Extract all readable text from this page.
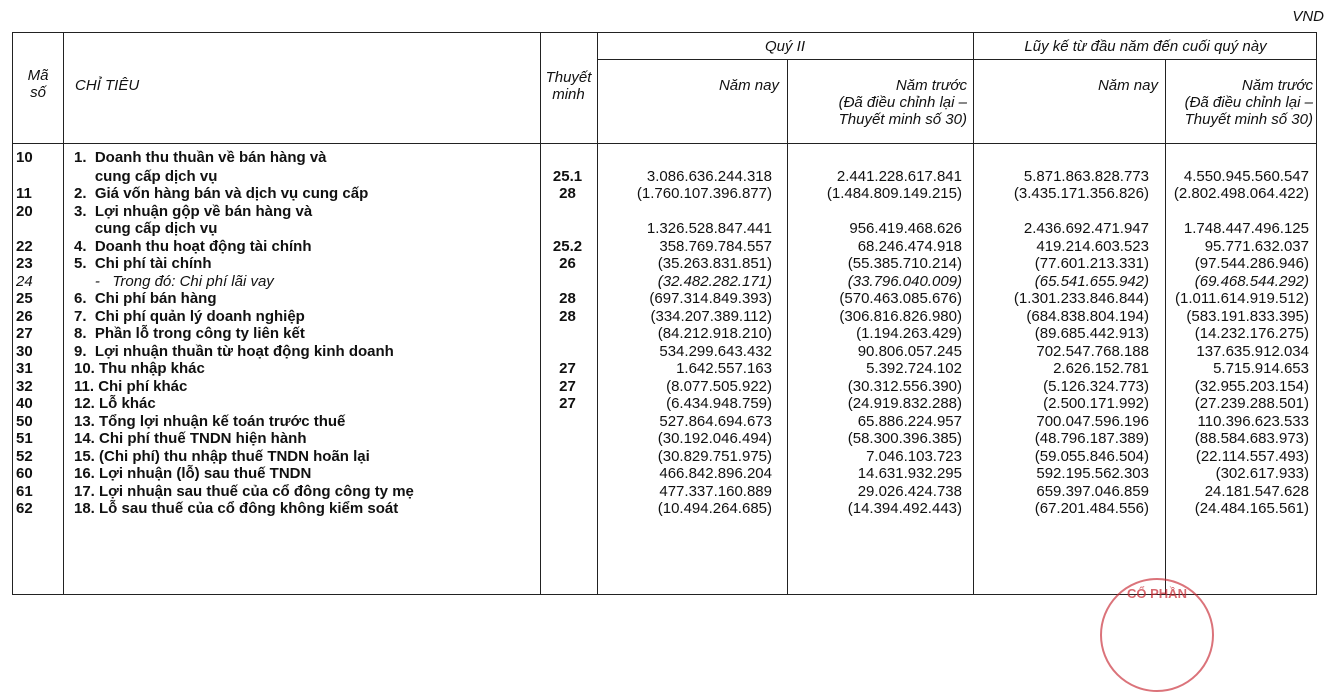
VND
Mã
số	CHỈ TIÊU	Thuyết
minh
Quý II	Lũy kế từ đầu năm đến cuối quý này
Năm nay	Năm trước
(Đã điều chỉnh lại –
Thuyết minh số 30)
Năm nay	Năm trước
(Đã điều chỉnh lại –
Thuyết minh số 30)
10	1.  Doanh thu thuần về bán hàng và
cung cấp dịch vụ	25.1	3.086.636.244.318	2.441.228.617.841	5.871.863.828.773 4.550.945.560.547
11	2.  Giá vốn hàng bán và dịch vụ cung cấp	28	(1.760.107.396.877)	(1.484.809.149.215)	(3.435.171.356.826) (2.802.498.064.422)
20	3.  Lợi nhuận gộp về bán hàng và
cung cấp dịch vụ	1.326.528.847.441	956.419.468.626	2.436.692.471.947 1.748.447.496.125
22	4.  Doanh thu hoạt động tài chính	25.2	358.769.784.557	68.246.474.918	419.214.603.523	95.771.632.037
23	5.  Chi phí tài chính	26	(35.263.831.851)	(55.385.710.214)	(77.601.213.331)	(97.544.286.946)
24	-   Trong đó: Chi phí lãi vay	(32.482.282.171)	(33.796.040.009)	(65.541.655.942)	(69.468.544.292)
25	6.  Chi phí bán hàng	28	(697.314.849.393)	(570.463.085.676)	(1.301.233.846.844) (1.011.614.919.512)
26	7.  Chi phí quản lý doanh nghiệp	28	(334.207.389.112)	(306.816.826.980)	(684.838.804.194) (583.191.833.395)
27	8.  Phần lỗ trong công ty liên kết	(84.212.918.210)	(1.194.263.429)	(89.685.442.913)	(14.232.176.275)
30	9.  Lợi nhuận thuần từ hoạt động kinh doanh	534.299.643.432	90.806.057.245	702.547.768.188	137.635.912.034
31	10. Thu nhập khác	27	1.642.557.163	5.392.724.102	2.626.152.781	5.715.914.653
32	11. Chi phí khác	27	(8.077.505.922)	(30.312.556.390)	(5.126.324.773)	(32.955.203.154)
40	12. Lỗ khác	27	(6.434.948.759)	(24.919.832.288)	(2.500.171.992)	(27.239.288.501)
50	13. Tổng lợi nhuận kế toán trước thuế	527.864.694.673	65.886.224.957	700.047.596.196	110.396.623.533
51	14. Chi phí thuế TNDN hiện hành	(30.192.046.494)	(58.300.396.385)	(48.796.187.389)	(88.584.683.973)
52	15. (Chi phí) thu nhập thuế TNDN hoãn lại	(30.829.751.975)	7.046.103.723	(59.055.846.504)	(22.114.557.493)
60	16. Lợi nhuận (lỗ) sau thuế TNDN	466.842.896.204	14.631.932.295	592.195.562.303	(302.617.933)
61	17. Lợi nhuận sau thuế của cổ đông công ty mẹ	477.337.160.889	29.026.424.738	659.397.046.859	24.181.547.628
62	18. Lỗ sau thuế của cổ đông không kiểm soát	(10.494.264.685)	(14.394.492.443)	(67.201.484.556)	(24.484.165.561)
CỔ PHẦN
